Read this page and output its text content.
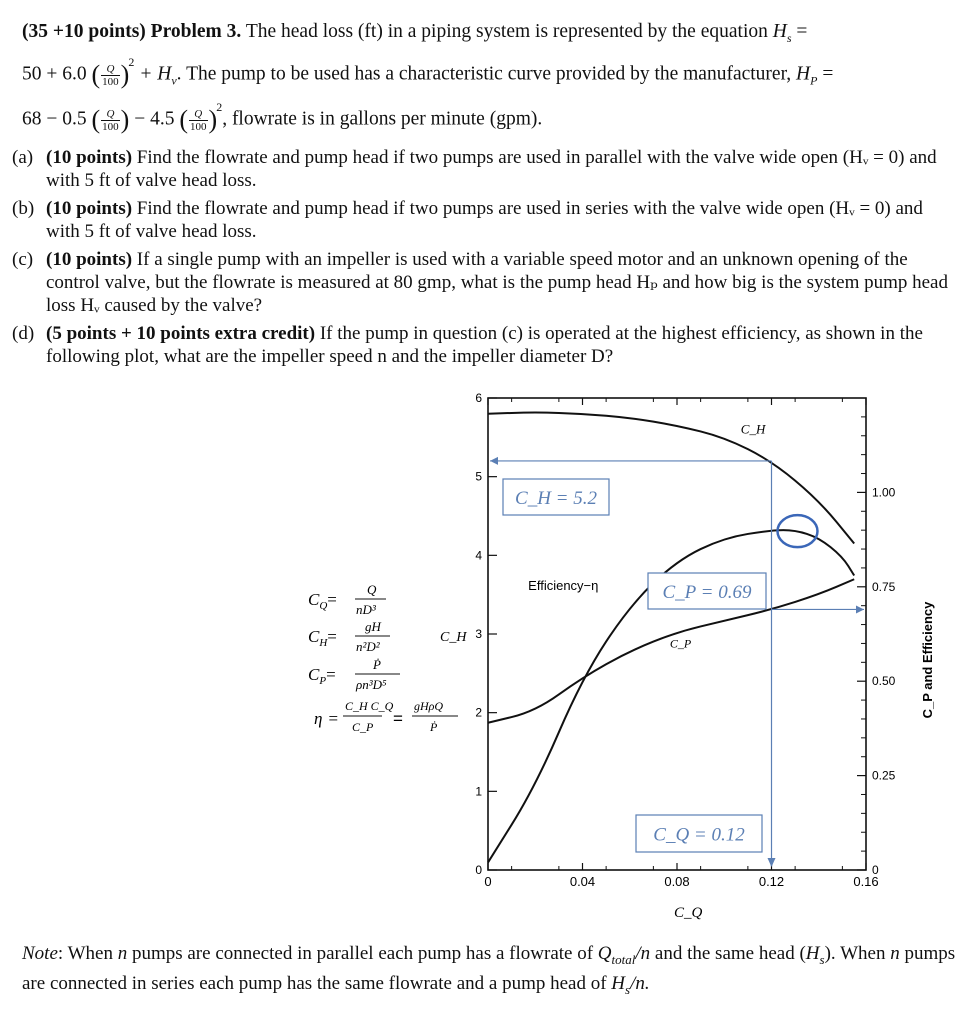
(35 +10 points) Problem 3. The head loss (ft) in a piping system is represented by the equation $H_s$ =
50 + 6.0 ( $\frac{Q}{100} )^2 + H_v$. The pump to be used has a characteristic curve provided by the manufacturer, $H_P$ =
68 − 0.5 ( $\frac{Q}{100}$ ) − 4.5 ( $\frac{Q}{100} )^2$, flowrate is in gallons per minute (gpm).
(a) (10 points) Find the flowrate and pump head if two pumps are used in parallel with the valve wide open (Hᵥ = 0) and with 5 ft of valve head loss.
(b) (10 points) Find the flowrate and pump head if two pumps are used in series with the valve wide open (Hᵥ = 0) and with 5 ft of valve head loss.
(c) (10 points) If a single pump with an impeller is used with a variable speed motor and an unknown opening of the control valve, but the flowrate is measured at 80 gmp, what is the pump head Hₚ and how big is the system pump head loss Hᵥ caused by the valve?
(d) (5 points + 10 points extra credit) If the pump in question (c) is operated at the highest efficiency, as shown in the following plot, what are the impeller speed n and the impeller diameter D?
$C_Q=$
Q
nD³
$C_H=$
gH
n²D²
$C_P=$
Ṗ
ρn³D⁵
η =
C_H C_Q
C_P =
gHρQ
Ṗ
C_H
C_Q
C_P and Efficiency
0	0.04	0.08	0.12	0.16
0
1
2
3
4
5
6
1.00
0.75
0.50
0.25
0
C_H
Efficiency−η
C_P
C_H = 5.2
C_P = 0.69
C_Q = 0.12
Note: When n pumps are connected in parallel each pump has a flowrate of $Q_{total}/n$ and the same head $(H_s)$. When n pumps are connected in series each pump has the same flowrate and a pump head of $H_s/n$.
